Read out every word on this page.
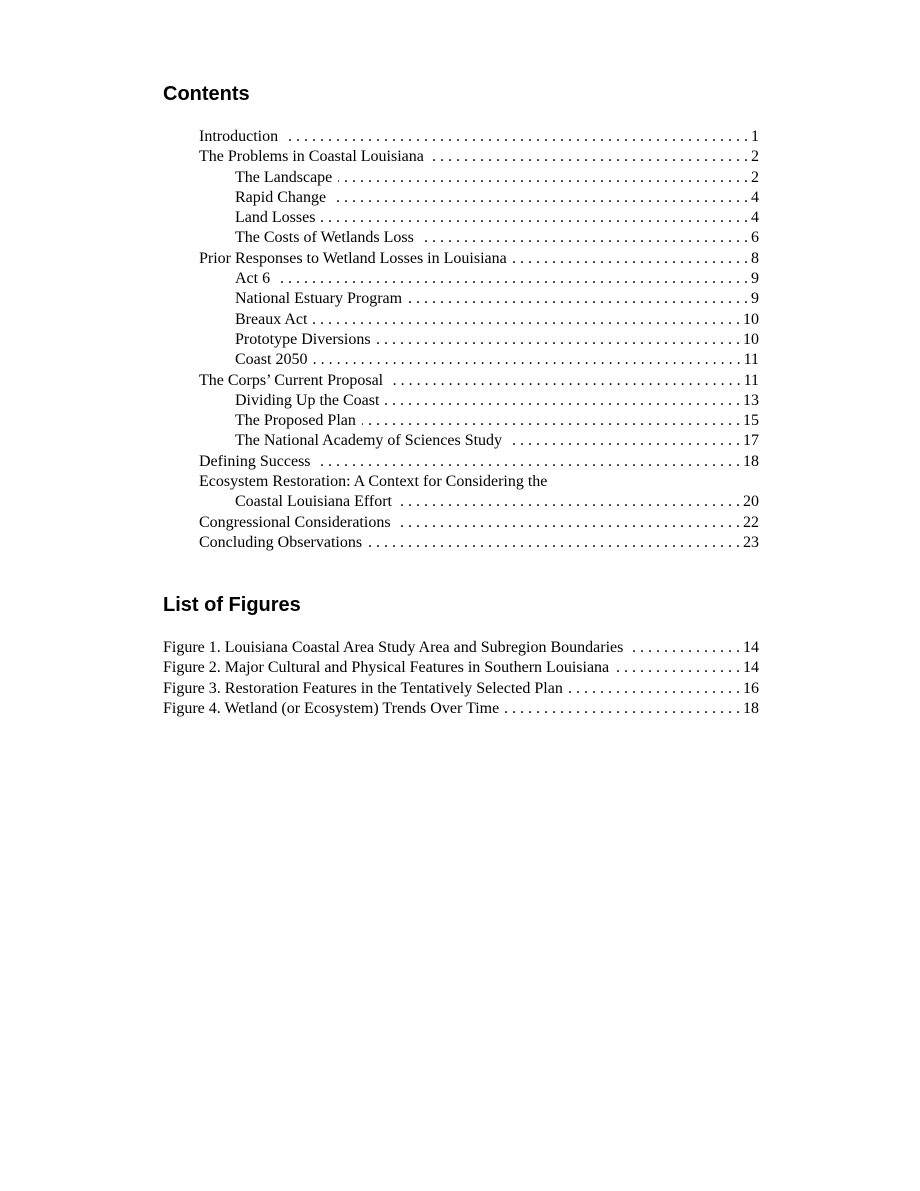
Contents
Introduction . . .	1
The Problems in Coastal Louisiana . . .	2
The Landscape . . .	2
Rapid Change . . .	4
Land Losses . . .	4
The Costs of Wetlands Loss . . .	6
Prior Responses to Wetland Losses in Louisiana . . .	8
Act 6 . . .	9
National Estuary Program . . .	9
Breaux Act . . .	10
Prototype Diversions . . .	10
Coast 2050 . . .	11
The Corps’ Current Proposal . . .	11
Dividing Up the Coast . . .	13
The Proposed Plan . . .	15
The National Academy of Sciences Study . . .	17
Defining Success . . .	18
Ecosystem Restoration: A Context for Considering the
Coastal Louisiana Effort . . .	20
Congressional Considerations . . .	22
Concluding Observations . . .	23
List of Figures
Figure 1. Louisiana Coastal Area Study Area and Subregion Boundaries . . .	14
Figure 2. Major Cultural and Physical Features in Southern Louisiana . . .	14
Figure 3. Restoration Features in the Tentatively Selected Plan . . .	16
Figure 4. Wetland (or Ecosystem) Trends Over Time . . .	18
